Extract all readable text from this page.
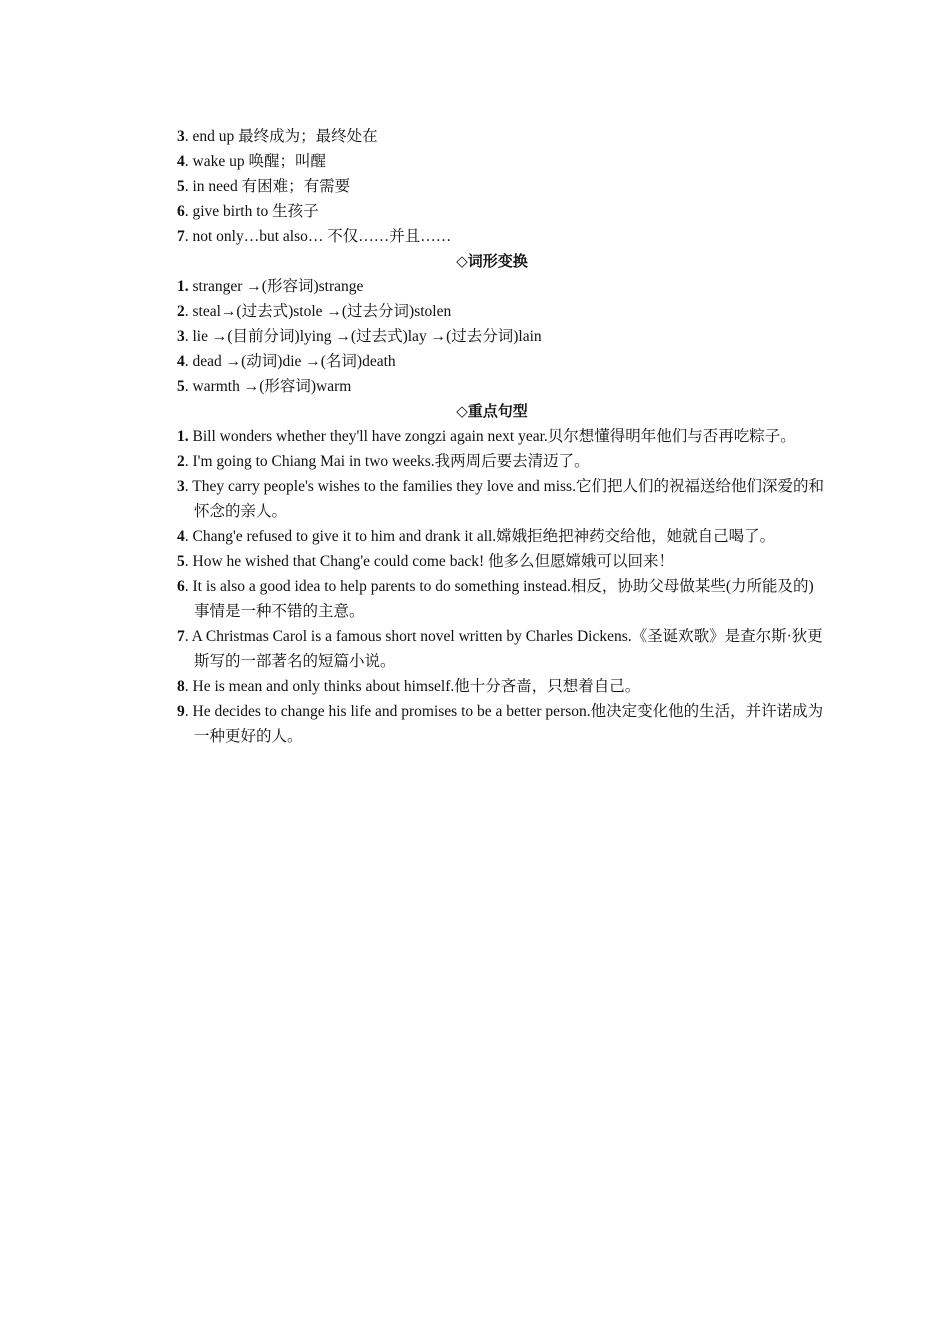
3. end up 最终成为；最终处在
4. wake up 唤醒；叫醒
5. in need 有困难；有需要
6. give birth to 生孩子
7. not only…but also… 不仅……并且……
◇词形变换
1. stranger →(形容词)strange
2. steal→(过去式)stole →(过去分词)stolen
3. lie →(目前分词)lying →(过去式)lay →(过去分词)lain
4. dead →(动词)die →(名词)death
5. warmth →(形容词)warm
◇重点句型
1. Bill wonders whether they'll have zongzi again next year.贝尔想懂得明年他们与否再吃粽子。
2. I'm going to Chiang Mai in two weeks.我两周后要去清迈了。
3. They carry people's wishes to the families they love and miss.它们把人们的祝福送给他们深爱的和怀念的亲人。
4. Chang'e refused to give it to him and drank it all.嫦娥拒绝把神药交给他，她就自己喝了。
5. How he wished that Chang'e could come back! 他多么但愿嫦娥可以回来！
6. It is also a good idea to help parents to do something instead.相反，协助父母做某些(力所能及的)事情是一种不错的主意。
7. A Christmas Carol is a famous short novel written by Charles Dickens.《圣诞欢歌》是查尔斯·狄更斯写的一部著名的短篇小说。
8. He is mean and only thinks about himself.他十分吝啬，只想着自己。
9. He decides to change his life and promises to be a better person.他决定变化他的生活，并许诺成为一种更好的人。
